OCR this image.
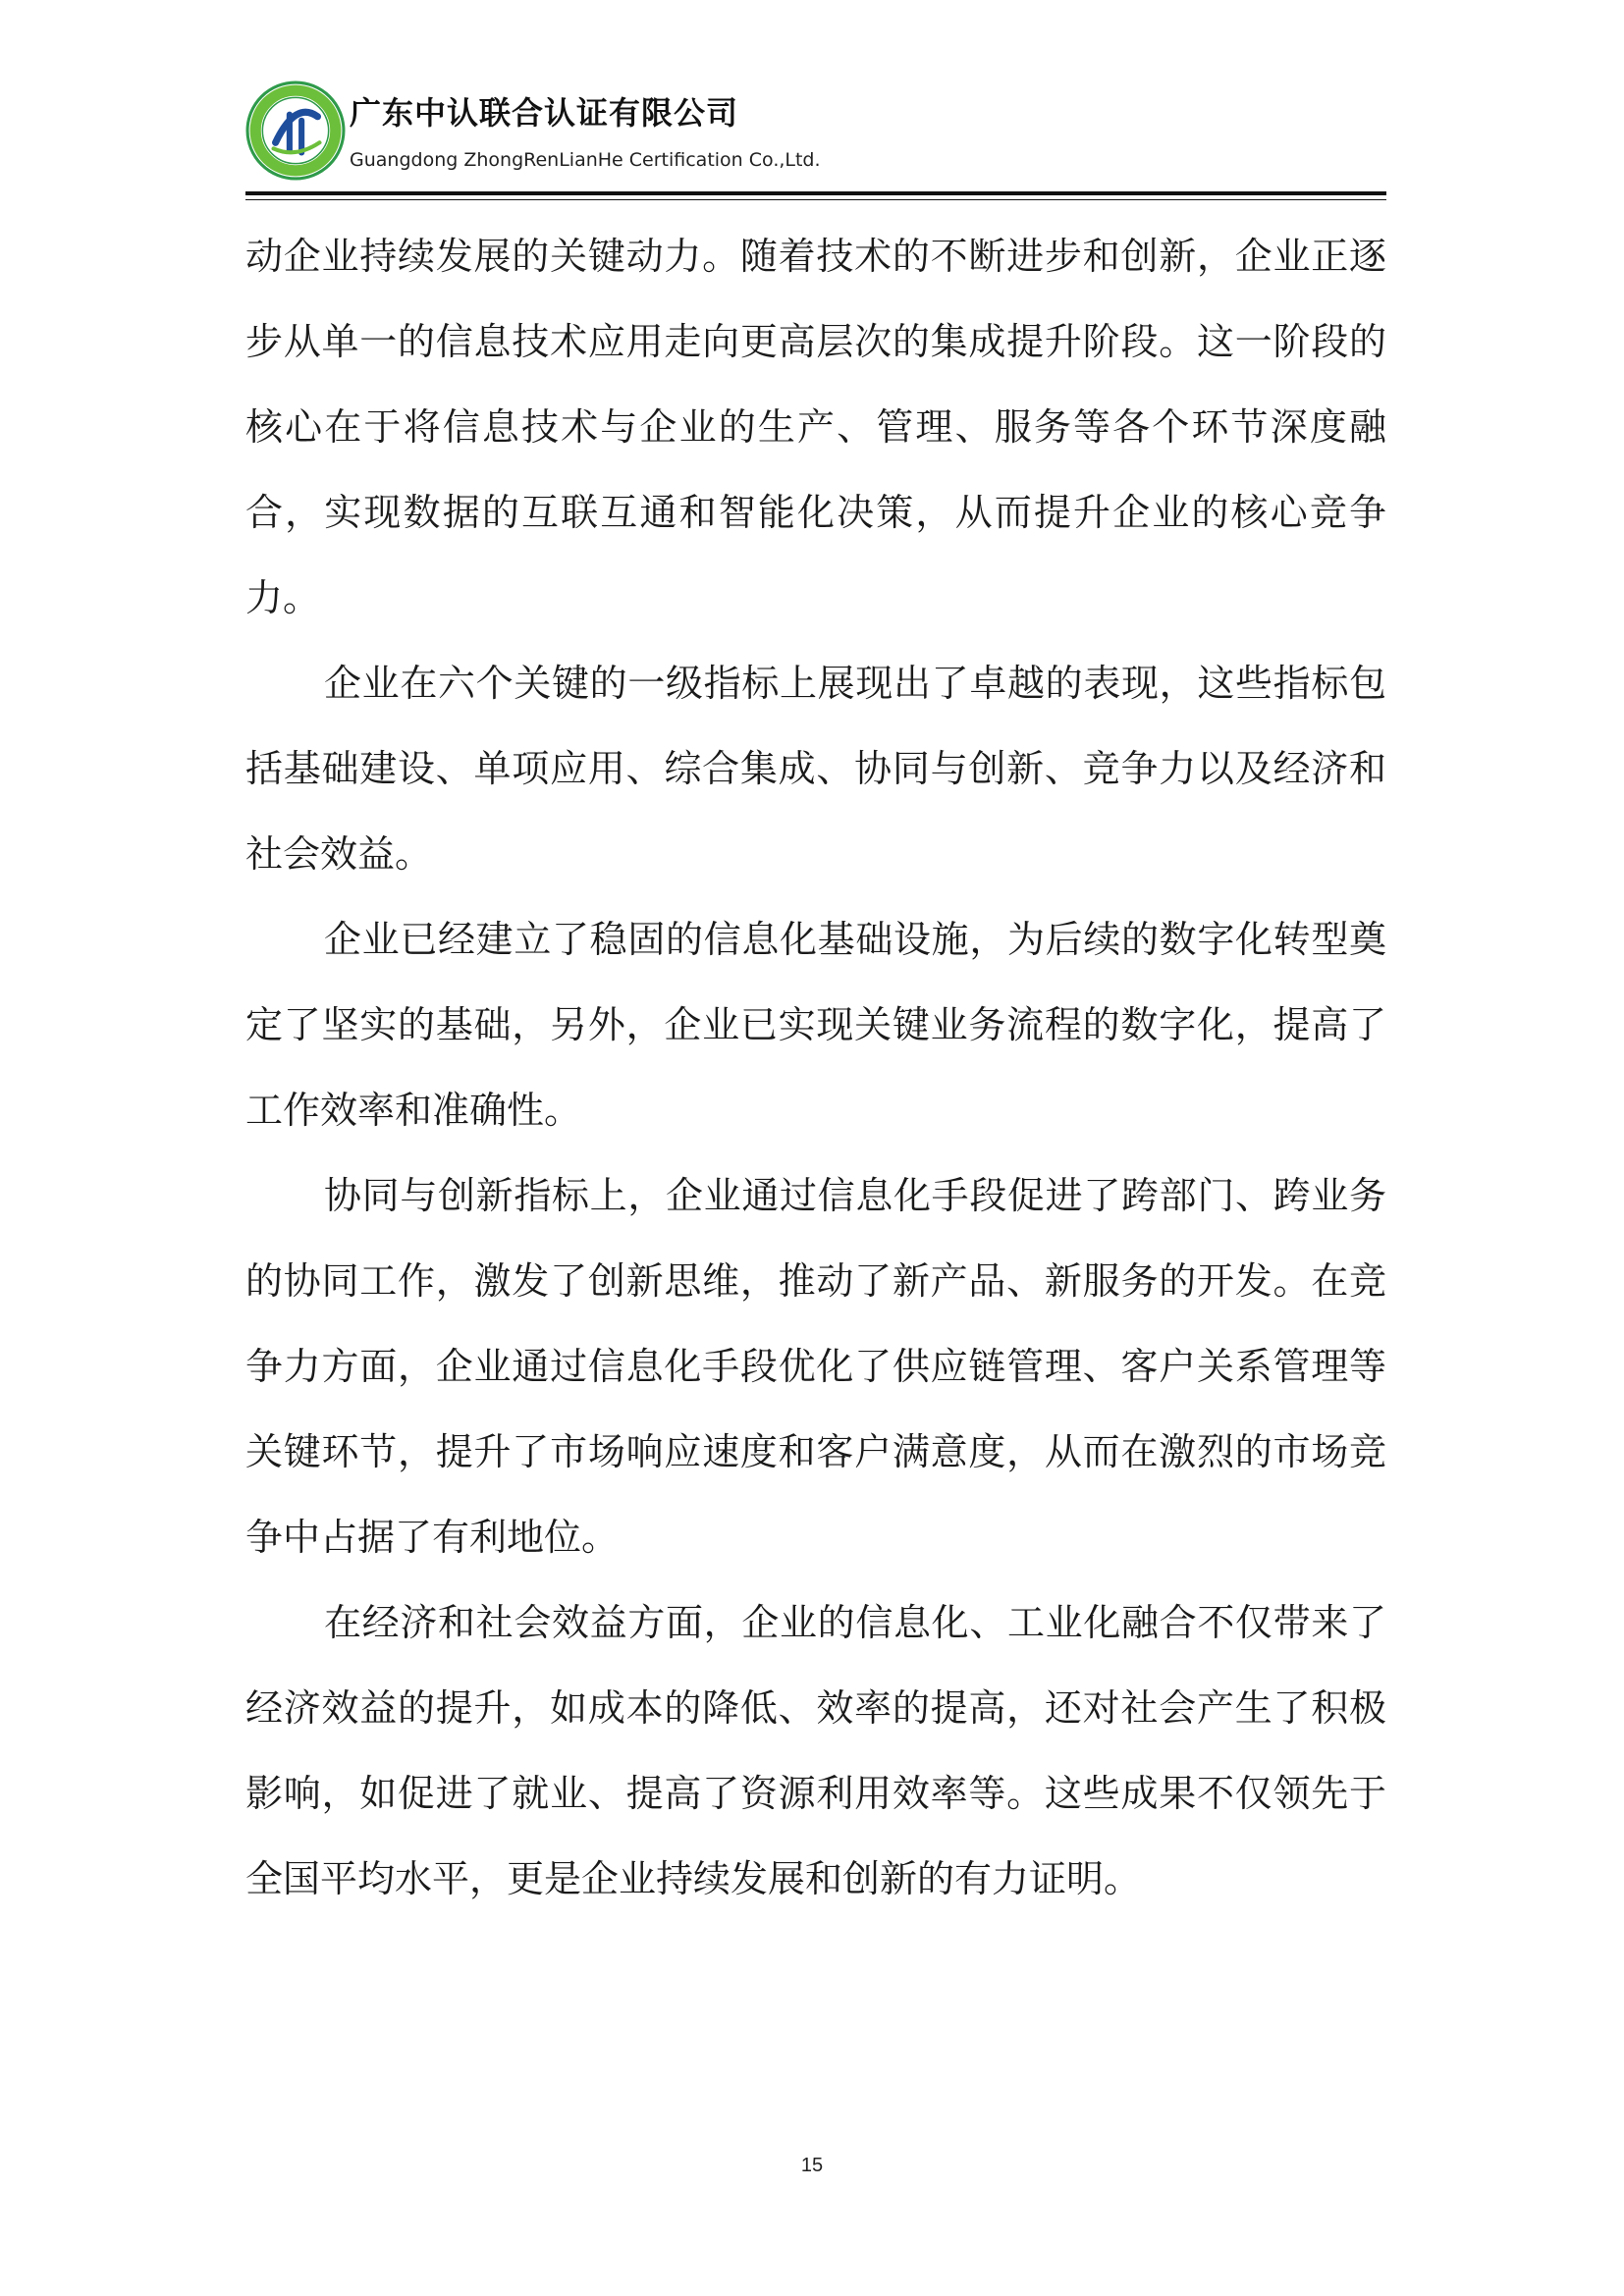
广东中认联合认证有限公司
Guangdong ZhongRenLianHe Certification Co.,Ltd.

动企业持续发展的关键动力。随着技术的不断进步和创新，企业正逐步从单一的信息技术应用走向更高层次的集成提升阶段。这一阶段的核心在于将信息技术与企业的生产、管理、服务等各个环节深度融合，实现数据的互联互通和智能化决策，从而提升企业的核心竞争力。

企业在六个关键的一级指标上展现出了卓越的表现，这些指标包括基础建设、单项应用、综合集成、协同与创新、竞争力以及经济和社会效益。

企业已经建立了稳固的信息化基础设施，为后续的数字化转型奠定了坚实的基础，另外，企业已实现关键业务流程的数字化，提高了工作效率和准确性。

协同与创新指标上，企业通过信息化手段促进了跨部门、跨业务的协同工作，激发了创新思维，推动了新产品、新服务的开发。在竞争力方面，企业通过信息化手段优化了供应链管理、客户关系管理等关键环节，提升了市场响应速度和客户满意度，从而在激烈的市场竞争中占据了有利地位。

在经济和社会效益方面，企业的信息化、工业化融合不仅带来了经济效益的提升，如成本的降低、效率的提高，还对社会产生了积极影响，如促进了就业、提高了资源利用效率等。这些成果不仅领先于全国平均水平，更是企业持续发展和创新的有力证明。

15
